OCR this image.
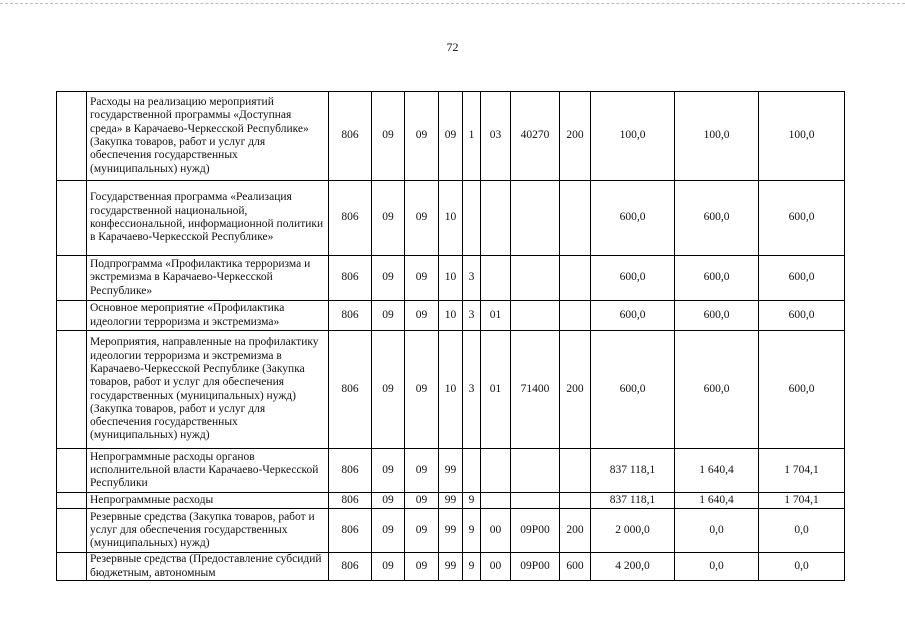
72
	Расходы на реализацию мероприятий государственной программы «Доступная среда» в Карачаево-Черкесской Республике» (Закупка товаров, работ и услуг для обеспечения государственных (муниципальных) нужд)	806	09	09	09	1	03	40270	200	100,0	100,0	100,0
	Государственная программа «Реализация государственной национальной, конфессиональной, информационной политики в Карачаево-Черкесской Республике»	806	09	09	10					600,0	600,0	600,0
	Подпрограмма «Профилактика терроризма и экстремизма в Карачаево-Черкесской Республике»	806	09	09	10	3				600,0	600,0	600,0
	Основное мероприятие «Профилактика идеологии терроризма и экстремизма»	806	09	09	10	3	01			600,0	600,0	600,0
	Мероприятия, направленные на профилактику идеологии терроризма и экстремизма в Карачаево-Черкесской Республике (Закупка товаров, работ и услуг для обеспечения государственных (муниципальных) нужд) (Закупка товаров, работ и услуг для обеспечения государственных (муниципальных) нужд)	806	09	09	10	3	01	71400	200	600,0	600,0	600,0
	Непрограммные расходы органов исполнительной власти Карачаево-Черкесской Республики	806	09	09	99					837 118,1	1 640,4	1 704,1
	Непрограммные расходы	806	09	09	99	9				837 118,1	1 640,4	1 704,1
	Резервные средства (Закупка товаров, работ и услуг для обеспечения государственных (муниципальных) нужд)	806	09	09	99	9	00	09Р00	200	2 000,0	0,0	0,0
	Резервные средства (Предоставление субсидий бюджетным, автономным	806	09	09	99	9	00	09Р00	600	4 200,0	0,0	0,0
